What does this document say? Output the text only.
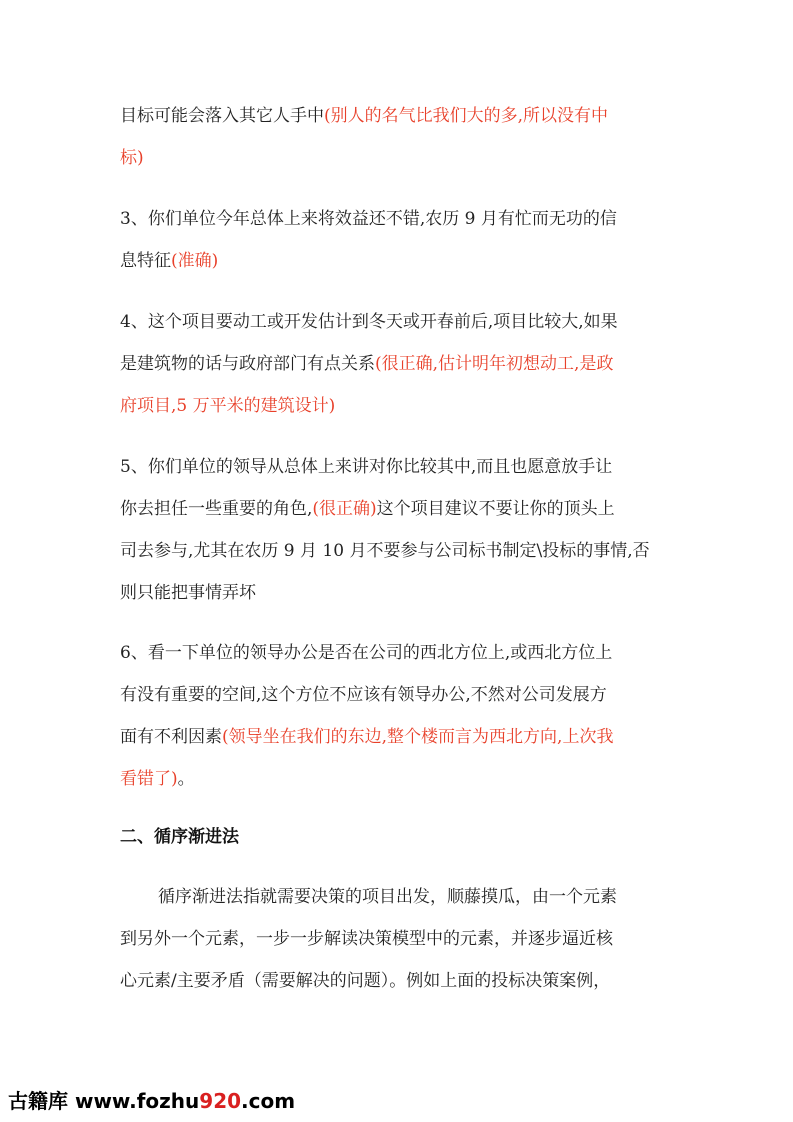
目标可能会落入其它人手中(别人的名气比我们大的多,所以没有中
标)
3、你们单位今年总体上来将效益还不错,农历 9 月有忙而无功的信
息特征(准确)
4、这个项目要动工或开发估计到冬天或开春前后,项目比较大,如果
是建筑物的话与政府部门有点关系(很正确,估计明年初想动工,是政
府项目,5 万平米的建筑设计)
5、你们单位的领导从总体上来讲对你比较其中,而且也愿意放手让
你去担任一些重要的角色,(很正确)这个项目建议不要让你的顶头上
司去参与,尤其在农历 9 月 10 月不要参与公司标书制定\投标的事情,否
则只能把事情弄坏
6、看一下单位的领导办公是否在公司的西北方位上,或西北方位上
有没有重要的空间,这个方位不应该有领导办公,不然对公司发展方
面有不利因素(领导坐在我们的东边,整个楼而言为西北方向,上次我
看错了)。
二、循序渐进法
循序渐进法指就需要决策的项目出发，顺藤摸瓜，由一个元素
到另外一个元素，一步一步解读决策模型中的元素，并逐步逼近核
心元素/主要矛盾（需要解决的问题）。例如上面的投标决策案例，
古籍库 www.fozhu920.com
